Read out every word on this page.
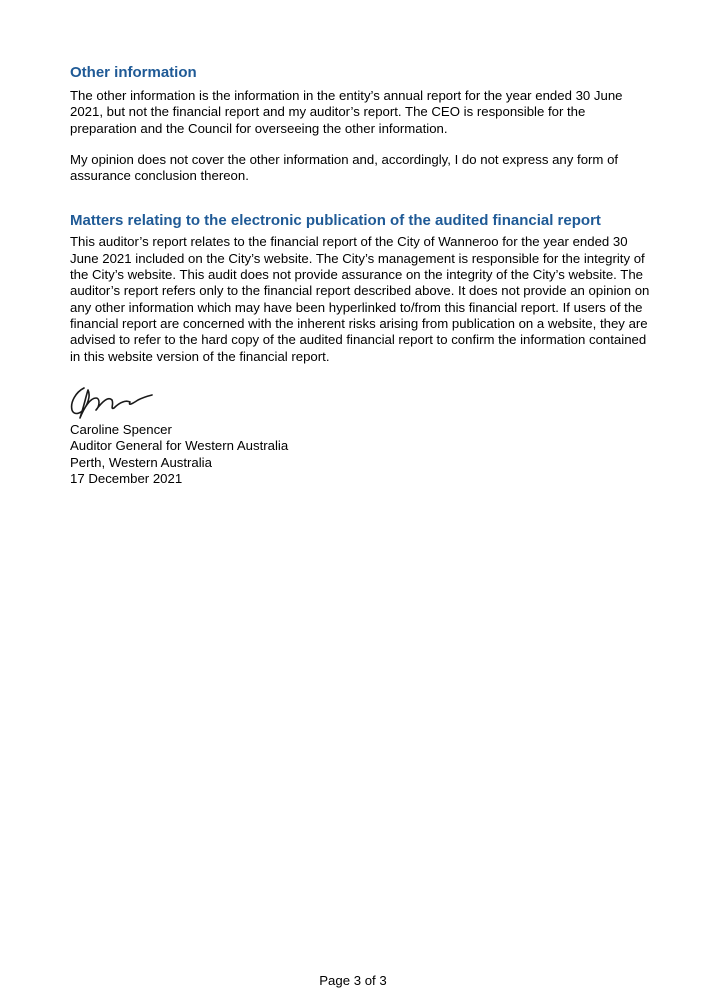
Other information

The other information is the information in the entity’s annual report for the year ended 30 June 2021, but not the financial report and my auditor’s report. The CEO is responsible for the preparation and the Council for overseeing the other information.

My opinion does not cover the other information and, accordingly, I do not express any form of assurance conclusion thereon.

Matters relating to the electronic publication of the audited financial report

This auditor’s report relates to the financial report of the City of Wanneroo for the year ended 30 June 2021 included on the City’s website. The City’s management is responsible for the integrity of the City’s website. This audit does not provide assurance on the integrity of the City’s website. The auditor’s report refers only to the financial report described above. It does not provide an opinion on any other information which may have been hyperlinked to/from this financial report. If users of the financial report are concerned with the inherent risks arising from publication on a website, they are advised to refer to the hard copy of the audited financial report to confirm the information contained in this website version of the financial report.

Caroline Spencer
Auditor General for Western Australia
Perth, Western Australia
17 December 2021
Page 3 of 3
